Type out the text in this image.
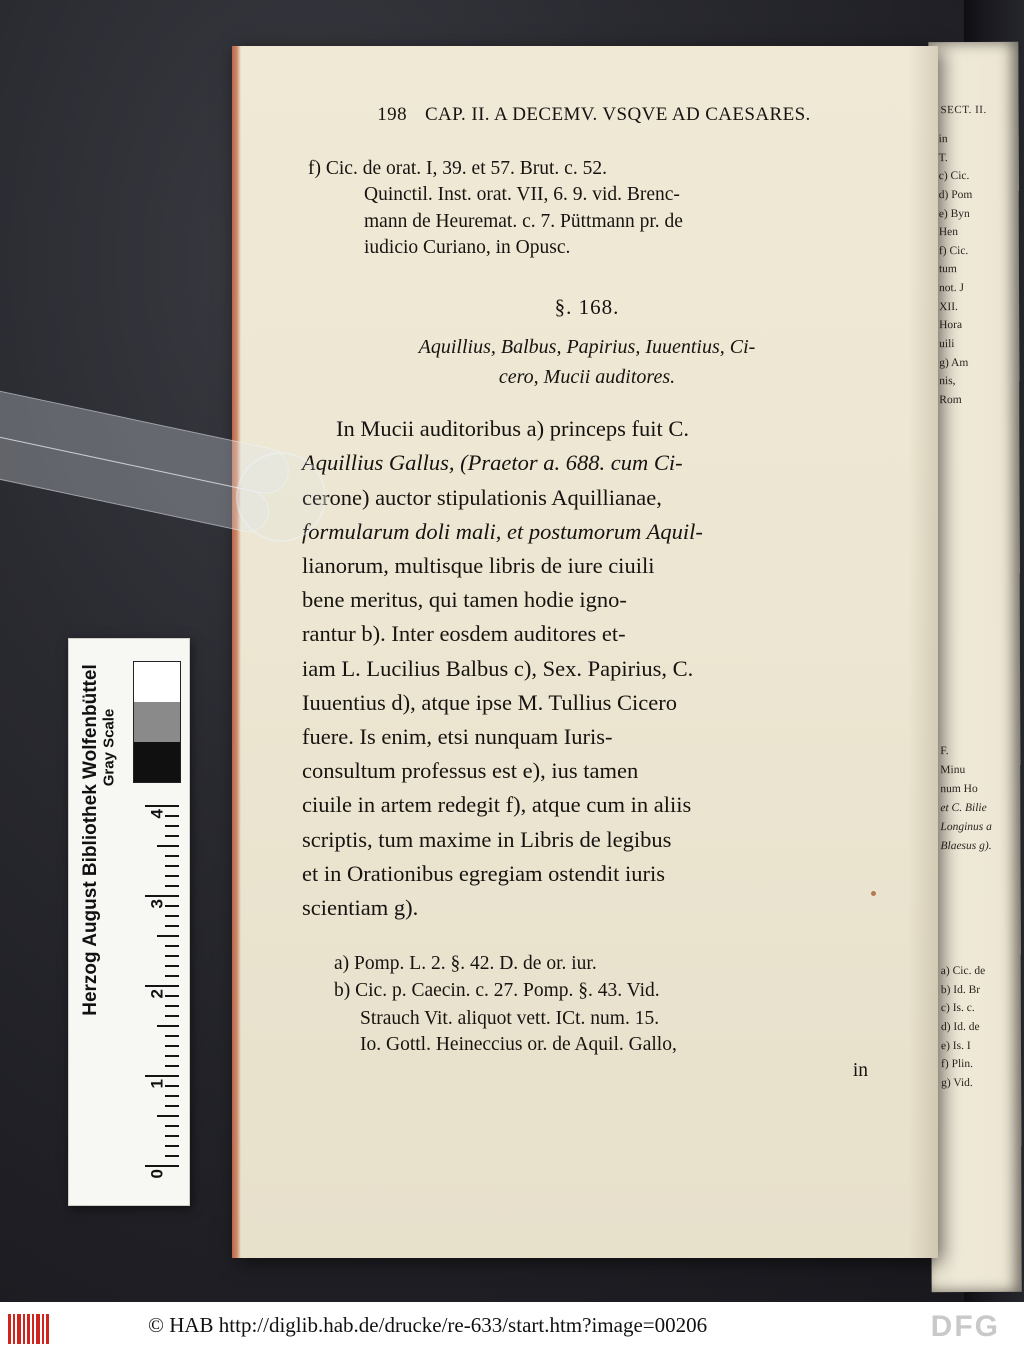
SECT. II.
in
T.
c) Cic.
d) Pom
e) Byn
Hen
f) Cic.
tum
not. J
XII.
Hora
uili
g) Am
nis,
Rom
F.
Minu
num Ho
et C. Bilie
Longinus a
Blaesus g).
a) Cic. de
b) Id. Br
c) Is. c.
d) Id. de
e) Is. I
f) Plin.
g) Vid.
198 CAP. II. A DECEMV. VSQVE AD CAESARES.
f) Cic. de orat. I, 39. et 57. Brut. c. 52.
Quinctil. Inst. orat. VII, 6. 9. vid. Brenc-
mann de Heuremat. c. 7. Püttmann pr. de
iudicio Curiano, in Opusc.
§. 168.
Aquillius, Balbus, Papirius, Iuuentius, Ci-
cero, Mucii auditores.
In Mucii auditoribus a) princeps fuit C.
Aquillius Gallus, (Praetor a. 688. cum Ci-
cerone) auctor stipulationis Aquillianae,
formularum doli mali, et postumorum Aquil-
lianorum, multisque libris de iure ciuili
bene meritus, qui tamen hodie igno-
rantur b). Inter eosdem auditores et-
iam L. Lucilius Balbus c), Sex. Papirius, C.
Iuuentius d), atque ipse M. Tullius Cicero
fuere. Is enim, etsi nunquam Iuris-
consultum professus est e), ius tamen
ciuile in artem redegit f), atque cum in aliis
scriptis, tum maxime in Libris de legibus
et in Orationibus egregiam ostendit iuris
scientiam g).
a) Pomp. L. 2. §. 42. D. de or. iur.
b) Cic. p. Caecin. c. 27. Pomp. §. 43. Vid.
Strauch Vit. aliquot vett. ICt. num. 15.
Io. Gottl. Heineccius or. de Aquil. Gallo,
in
Herzog August Bibliothek Wolfenbüttel Gray Scale
0
1
2
3
4
© HAB http://diglib.hab.de/drucke/re-633/start.htm?image=00206	DFG
